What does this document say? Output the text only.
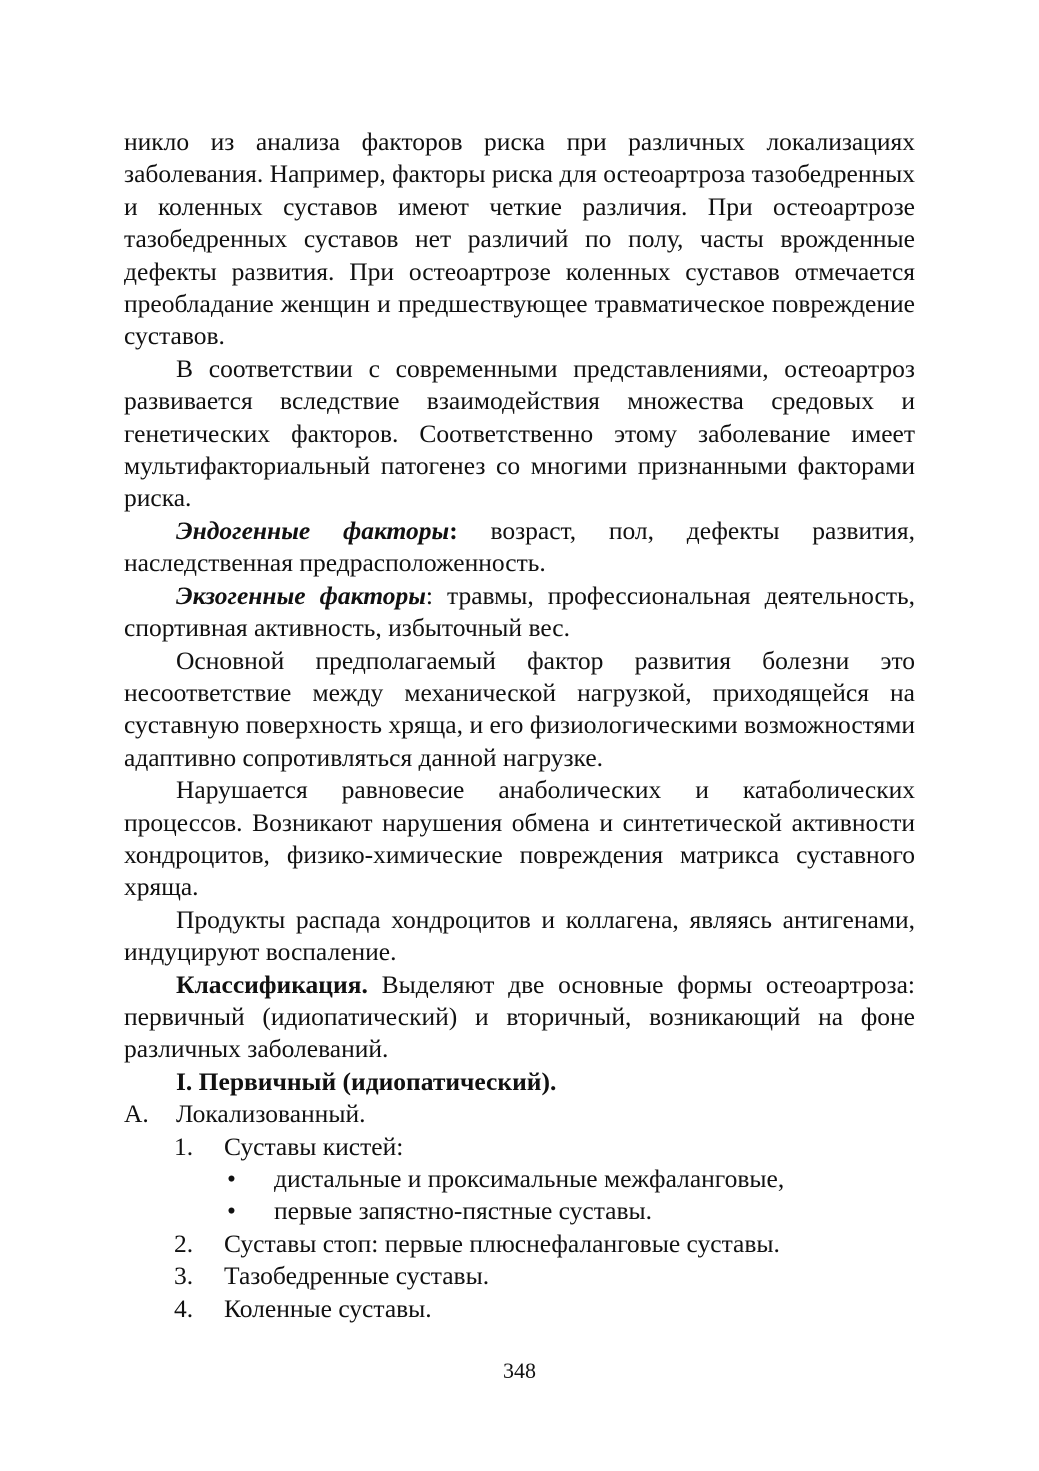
никло из анализа факторов риска при различных локализациях заболевания. Например, факторы риска для остеоартроза тазобедренных и коленных суставов имеют четкие различия. При остеоартрозе тазобедренных суставов нет различий по полу, часты врожденные дефекты развития. При остеоартрозе коленных суставов отмечается преобладание женщин и предшествующее травматическое повреждение суставов.

В соответствии с современными представлениями, остеоартроз развивается вследствие взаимодействия множества средовых и генетических факторов. Соответственно этому заболевание имеет мультифакториальный патогенез со многими признанными факторами риска.

Эндогенные факторы: возраст, пол, дефекты развития, наследственная предрасположенность.

Экзогенные факторы: травмы, профессиональная деятельность, спортивная активность, избыточный вес.

Основной предполагаемый фактор развития болезни это несоответствие между механической нагрузкой, приходящейся на суставную поверхность хряща, и его физиологическими возможностями адаптивно сопротивляться данной нагрузке.

Нарушается равновесие анаболических и катаболических процессов. Возникают нарушения обмена и синтетической активности хондроцитов, физико-химические повреждения матрикса суставного хряща.

Продукты распада хондроцитов и коллагена, являясь антигенами, индуцируют воспаление.

Классификация. Выделяют две основные формы остеоартроза: первичный (идиопатический) и вторичный, возникающий на фоне различных заболеваний.

I. Первичный (идиопатический).
А. Локализованный.
1. Суставы кистей:
• дистальные и проксимальные межфаланговые,
• первые запястно-пястные суставы.
2. Суставы стоп: первые плюснефаланговые суставы.
3. Тазобедренные суставы.
4. Коленные суставы.
348
